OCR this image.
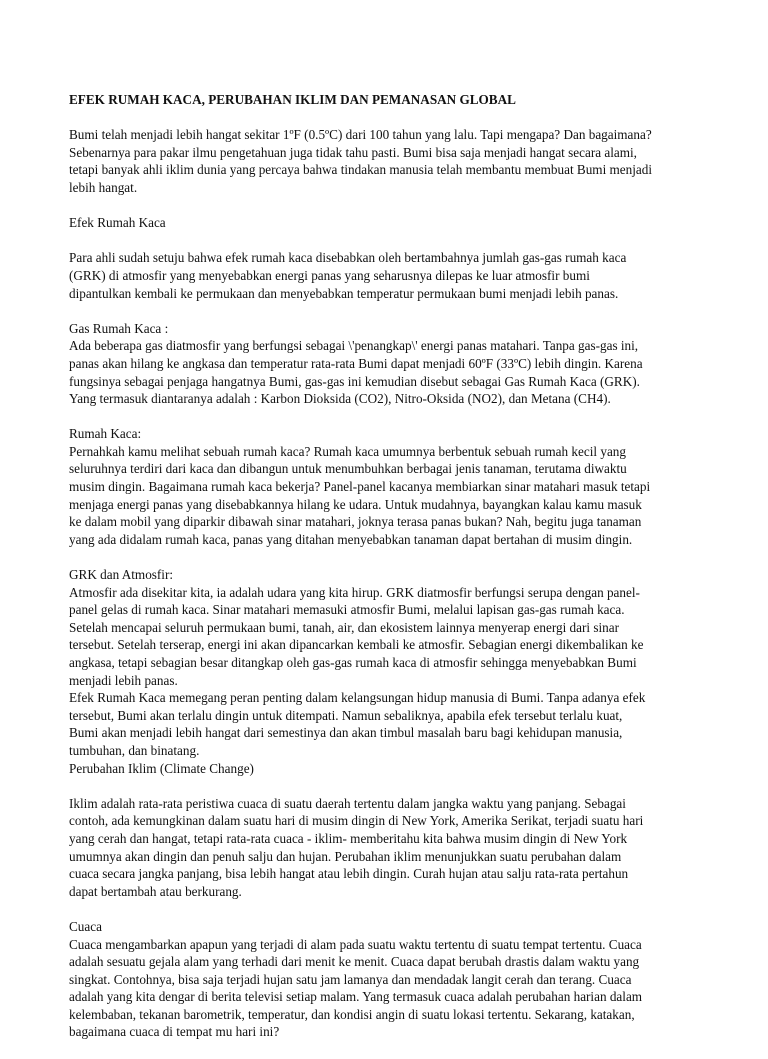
EFEK RUMAH KACA, PERUBAHAN IKLIM DAN PEMANASAN GLOBAL
Bumi telah menjadi lebih hangat sekitar 1ºF (0.5ºC) dari 100 tahun yang lalu. Tapi mengapa? Dan bagaimana?
Sebenarnya para pakar ilmu pengetahuan juga tidak tahu pasti. Bumi bisa saja menjadi hangat secara alami,
tetapi banyak ahli iklim dunia yang percaya bahwa tindakan manusia telah membantu membuat Bumi menjadi
lebih hangat.
Efek Rumah Kaca
Para ahli sudah setuju bahwa efek rumah kaca disebabkan oleh bertambahnya jumlah gas-gas rumah kaca
(GRK) di atmosfir yang menyebabkan energi panas yang seharusnya dilepas ke luar atmosfir bumi
dipantulkan kembali ke permukaan dan menyebabkan temperatur permukaan bumi menjadi lebih panas.
Gas Rumah Kaca :
Ada beberapa gas diatmosfir yang berfungsi sebagai \'penangkap\' energi panas matahari. Tanpa gas-gas ini,
panas akan hilang ke angkasa dan temperatur rata-rata Bumi dapat menjadi 60ºF (33ºC) lebih dingin. Karena
fungsinya sebagai penjaga hangatnya Bumi, gas-gas ini kemudian disebut sebagai Gas Rumah Kaca (GRK).
Yang termasuk diantaranya adalah : Karbon Dioksida (CO2), Nitro-Oksida (NO2), dan Metana (CH4).
Rumah Kaca:
Pernahkah kamu melihat sebuah rumah kaca? Rumah kaca umumnya berbentuk sebuah rumah kecil yang
seluruhnya terdiri dari kaca dan dibangun untuk menumbuhkan berbagai jenis tanaman, terutama diwaktu
musim dingin. Bagaimana rumah kaca bekerja? Panel-panel kacanya membiarkan sinar matahari masuk tetapi
menjaga energi panas yang disebabkannya hilang ke udara. Untuk mudahnya, bayangkan kalau kamu masuk
ke dalam mobil yang diparkir dibawah sinar matahari, joknya terasa panas bukan? Nah, begitu juga tanaman
yang ada didalam rumah kaca, panas yang ditahan menyebabkan tanaman dapat bertahan di musim dingin.
GRK dan Atmosfir:
Atmosfir ada disekitar kita, ia adalah udara yang kita hirup. GRK diatmosfir berfungsi serupa dengan panel-
panel gelas di rumah kaca. Sinar matahari memasuki atmosfir Bumi, melalui lapisan gas-gas rumah kaca.
Setelah mencapai seluruh permukaan bumi, tanah, air, dan ekosistem lainnya menyerap energi dari sinar
tersebut. Setelah terserap, energi ini akan dipancarkan kembali ke atmosfir. Sebagian energi dikembalikan ke
angkasa, tetapi sebagian besar ditangkap oleh gas-gas rumah kaca di atmosfir sehingga menyebabkan Bumi
menjadi lebih panas.
Efek Rumah Kaca memegang peran penting dalam kelangsungan hidup manusia di Bumi. Tanpa adanya efek
tersebut, Bumi akan terlalu dingin untuk ditempati. Namun sebaliknya, apabila efek tersebut terlalu kuat,
Bumi akan menjadi lebih hangat dari semestinya dan akan timbul masalah baru bagi kehidupan manusia,
tumbuhan, dan binatang.
Perubahan Iklim (Climate Change)
Iklim adalah rata-rata peristiwa cuaca di suatu daerah tertentu dalam jangka waktu yang panjang. Sebagai
contoh, ada kemungkinan dalam suatu hari di musim dingin di New York, Amerika Serikat, terjadi suatu hari
yang cerah dan hangat, tetapi rata-rata cuaca - iklim- memberitahu kita bahwa musim dingin di New York
umumnya akan dingin dan penuh salju dan hujan. Perubahan iklim menunjukkan suatu perubahan dalam
cuaca secara jangka panjang, bisa lebih hangat atau lebih dingin. Curah hujan atau salju rata-rata pertahun
dapat bertambah atau berkurang.
Cuaca
Cuaca mengambarkan apapun yang terjadi di alam pada suatu waktu tertentu di suatu tempat tertentu. Cuaca
adalah sesuatu gejala alam yang terhadi dari menit ke menit. Cuaca dapat berubah drastis dalam waktu yang
singkat. Contohnya, bisa saja terjadi hujan satu jam lamanya dan mendadak langit cerah dan terang. Cuaca
adalah yang kita dengar di berita televisi setiap malam. Yang termasuk cuaca adalah perubahan harian dalam
kelembaban, tekanan barometrik, temperatur, dan kondisi angin di suatu lokasi tertentu. Sekarang, katakan,
bagaimana cuaca di tempat mu hari ini?
